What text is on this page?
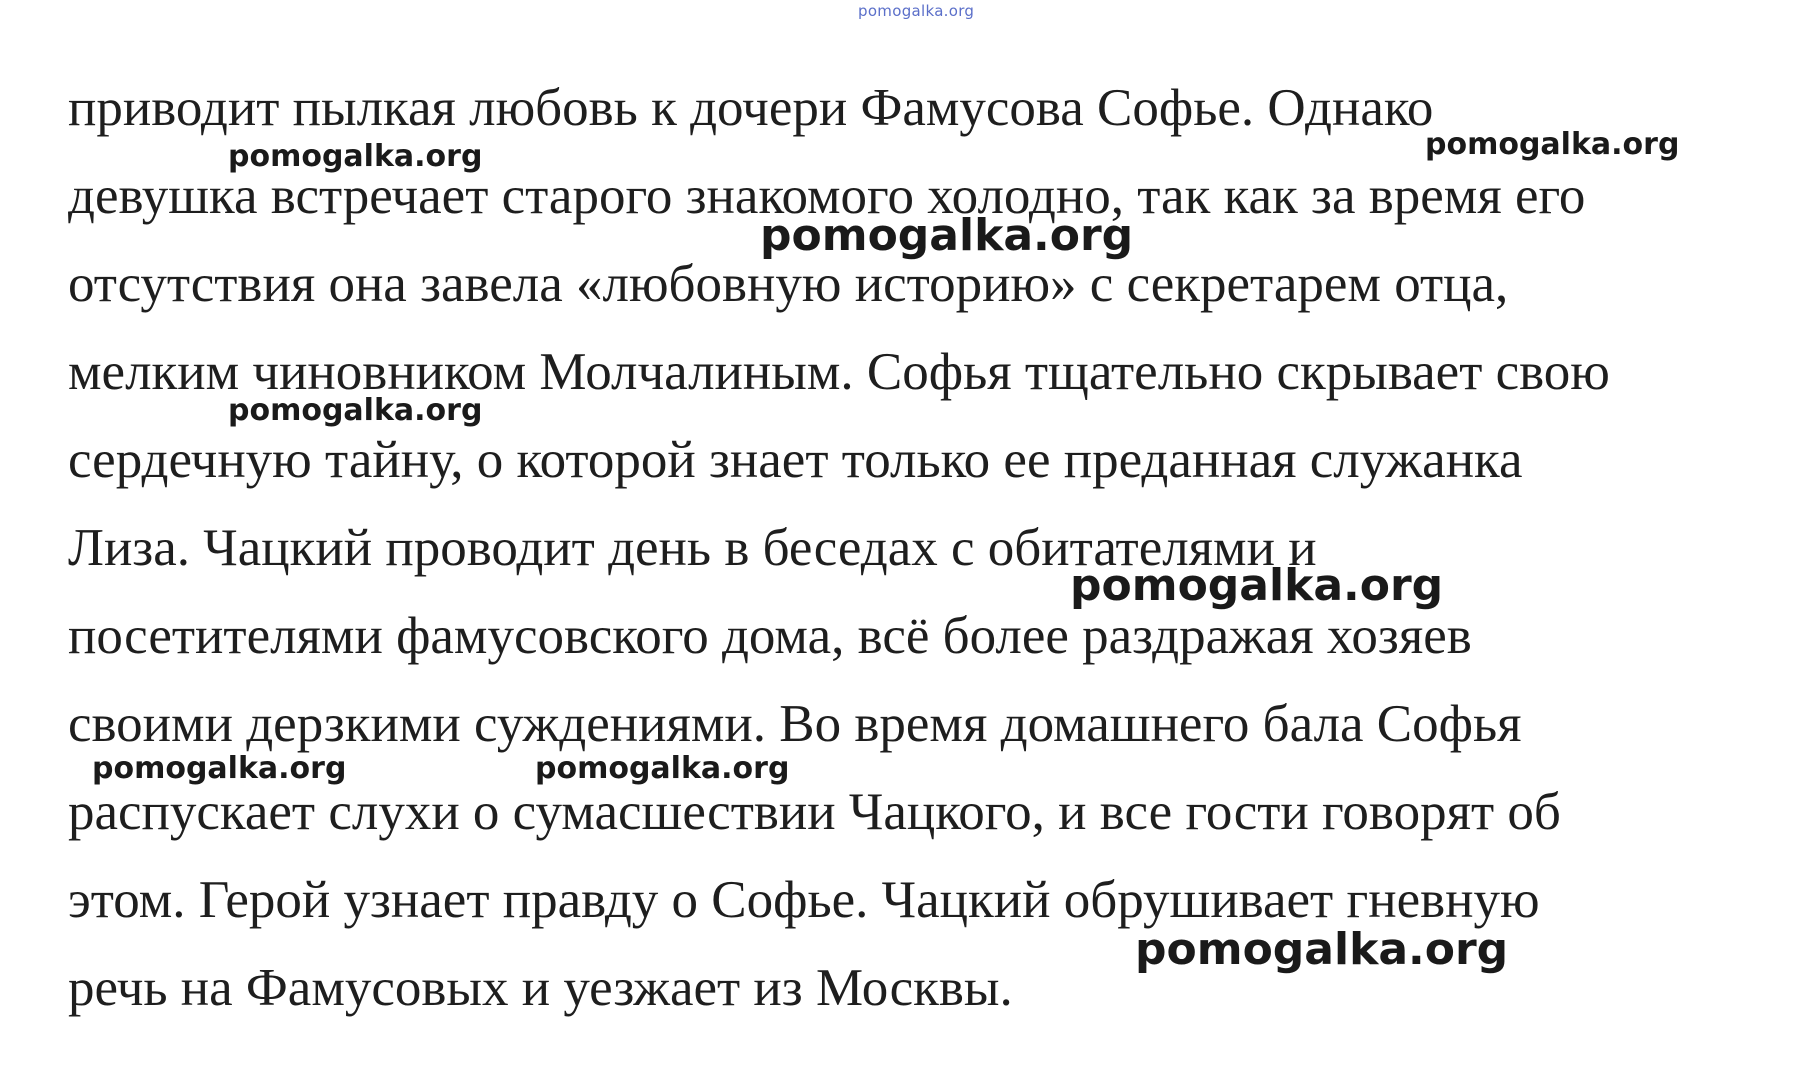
pomogalka.org
приводит пылкая любовь к дочери Фамусова Софье. Однако
девушка встречает старого знакомого холодно, так как за время его
отсутствия она завела «любовную историю» с секретарем отца,
мелким чиновником Молчалиным. Софья тщательно скрывает свою
сердечную тайну, о которой знает только ее преданная служанка
Лиза. Чацкий проводит день в беседах с обитателями и
посетителями фамусовского дома, всё более раздражая хозяев
своими дерзкими суждениями. Во время домашнего бала Софья
распускает слухи о сумасшествии Чацкого, и все гости говорят об
этом. Герой узнает правду о Софье. Чацкий обрушивает гневную
речь на Фамусовых и уезжает из Москвы.
pomogalka.org	pomogalka.org
pomogalka.org
pomogalka.org
pomogalka.org
pomogalka.org	pomogalka.org
pomogalka.org
